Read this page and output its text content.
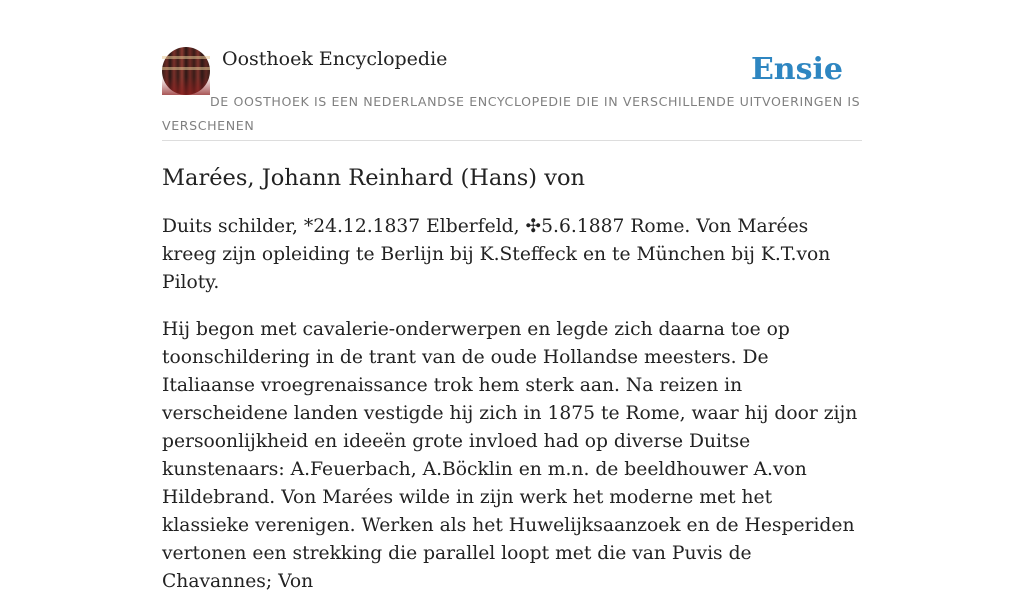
Oosthoek Encyclopedie	Ensie
DE OOSTHOEK IS EEN NEDERLANDSE ENCYCLOPEDIE DIE IN VERSCHILLENDE UITVOERINGEN IS VERSCHENEN
Marées, Johann Reinhard (Hans) von

Duits schilder, *24.12.1837 Elberfeld, ✣5.6.1887 Rome. Von Marées kreeg zijn opleiding te Berlijn bij K.Steffeck en te München bij K.T.von Piloty.

Hij begon met cavalerie-onderwerpen en legde zich daarna toe op toonschildering in de trant van de oude Hollandse meesters. De Italiaanse vroegrenaissance trok hem sterk aan. Na reizen in verscheidene landen vestigde hij zich in 1875 te Rome, waar hij door zijn persoonlijkheid en ideeën grote invloed had op diverse Duitse kunstenaars: A.Feuerbach, A.Böcklin en m.n. de beeldhouwer A.von Hildebrand. Von Marées wilde in zijn werk het moderne met het klassieke verenigen. Werken als het Huwelijksaanzoek en de Hesperiden vertonen een strekking die parallel loopt met die van Puvis de Chavannes; Von
